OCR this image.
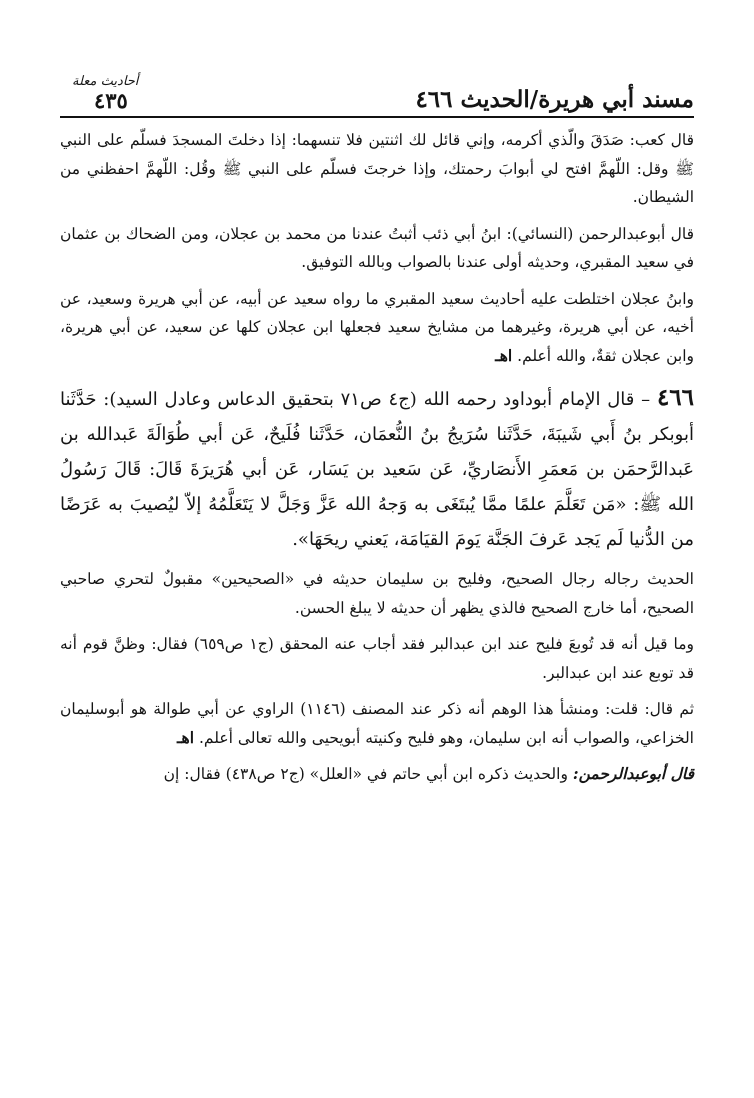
مسند أبي هريرة/الحديث ٤٦٦
أحاديث معلة
٤٣٥

قال كعب: صَدَقَ والّذي أكرمه، وإني قائل لك اثنتين فلا تنسهما: إذا دخلتَ المسجدَ فسلّم على النبي ﷺ وقل: اللّهمَّ افتح لي أبوابَ رحمتك، وإذا خرجتَ فسلّم على النبي ﷺ وقُل: اللّهمَّ احفظني من الشيطان.

قال أبوعبدالرحمن (النسائي): ابنُ أبي ذئب أثبتُ عندنا من محمد بن عجلان، ومن الضحاك بن عثمان في سعيد المقبري، وحديثه أولى عندنا بالصواب وبالله التوفيق.

وابنُ عجلان اختلطت عليه أحاديث سعيد المقبري ما رواه سعيد عن أبيه، عن أبي هريرة وسعيد، عن أخيه، عن أبي هريرة، وغيرهما من مشايخ سعيد فجعلها ابن عجلان كلها عن سعيد، عن أبي هريرة، وابن عجلان ثقةٌ، والله أعلم. اهـ

٤٦٦ – قال الإمام أبوداود رحمه الله (ج٤ ص٧١ بتحقيق الدعاس وعادل السيد): حَدَّثَنا أبوبكر بنُ أَبي شَيبَةَ، حَدَّثَنا سُرَيجُ بنُ النُّعمَان، حَدَّثَنا فُلَيحٌ، عَن أبي طُوَالَةَ عَبدالله بن عَبدالرَّحمَن بن مَعمَرِ الأَنصَاريِّ، عَن سَعيد بن يَسَار، عَن أبي هُرَيرَةَ قَالَ: قَالَ رَسُولُ الله ﷺ: «مَن تَعَلَّمَ علمًا ممَّا يُبتَغَى به وَجهُ الله عَزَّ وَجَلَّ لا يَتَعَلَّمُهُ إلاّ ليُصيبَ به عَرَضًا من الدُّنيا لَم يَجد عَرفَ الجَنَّة يَومَ القيَامَة، يَعني ريحَهَا».

الحديث رجاله رجال الصحيح، وفليح بن سليمان حديثه في «الصحيحين» مقبولٌ لتحري صاحبي الصحيح، أما خارج الصحيح فالذي يظهر أن حديثه لا يبلغ الحسن.

وما قيل أنه قد تُوبعَ فليح عند ابن عبدالبر فقد أجاب عنه المحقق (ج١ ص٦٥٩) فقال: وظنَّ قوم أنه قد توبع عند ابن عبدالبر.

ثم قال: قلت: ومنشأ هذا الوهم أنه ذكر عند المصنف (١١٤٦) الراوي عن أبي طوالة هو أبوسليمان الخزاعي، والصواب أنه ابن سليمان، وهو فليح وكنيته أبويحيى والله تعالى أعلم. اهـ

قال أبوعبدالرحمن: والحديث ذكره ابن أبي حاتم في «العلل» (ج٢ ص٤٣٨) فقال: إن
